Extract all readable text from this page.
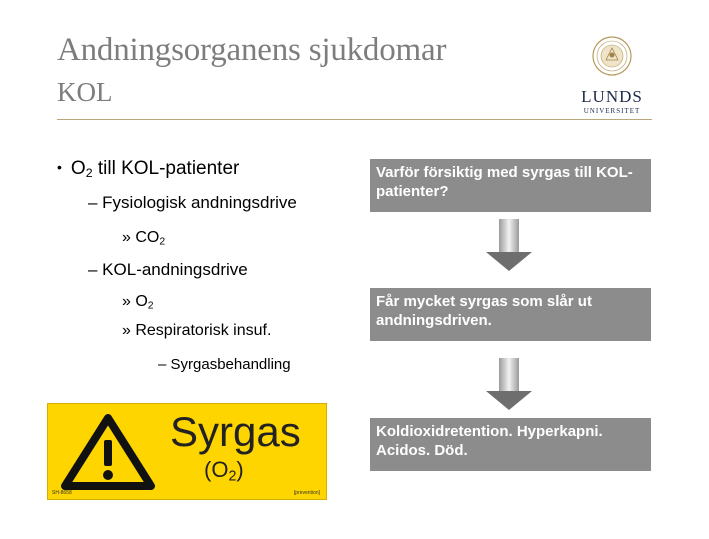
Andningsorganens sjukdomar
KOL	LUNDS
UNIVERSITET
• $O_2$ till KOL-patienter
– Fysiologisk andningsdrive
» $CO_2$
– KOL-andningsdrive
» $O_2$
» Respiratorisk insuf.
– Syrgasbehandling
Varför försiktig med syrgas till KOL-patienter?
Får mycket syrgas som slår ut andningsdriven.
Koldioxidretention. Hyperkapni. Acidos. Död.
Syrgas
$(O_2)$
SH-8658	[prevention]
